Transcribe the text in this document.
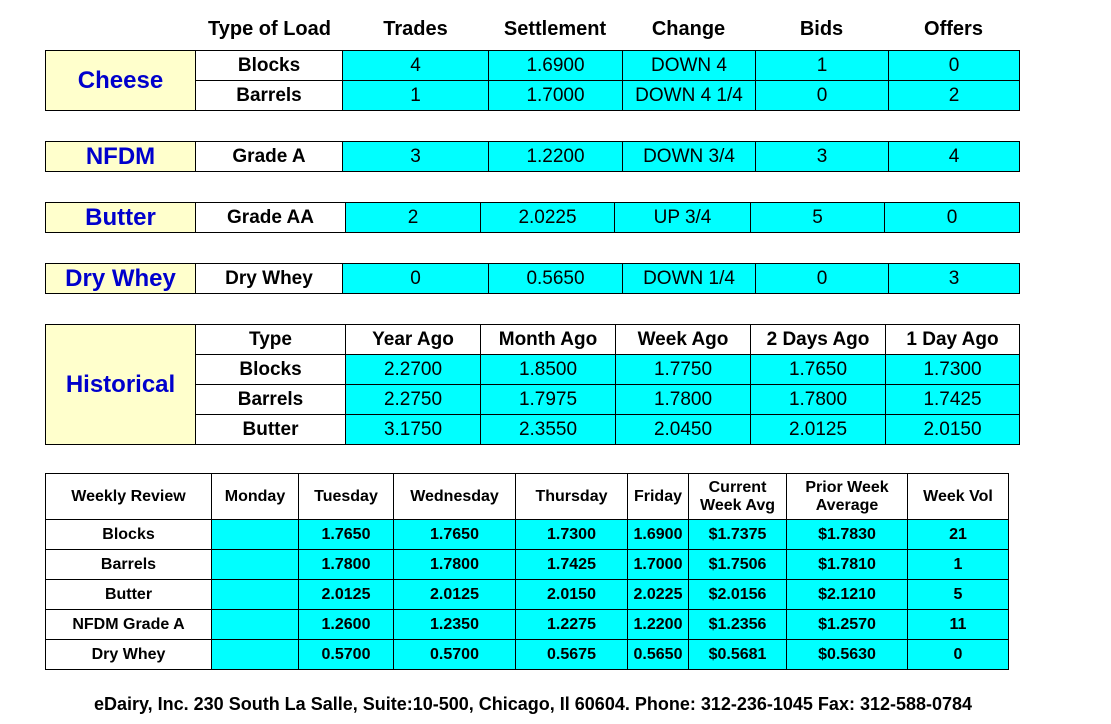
Type of Load	Trades	Settlement	Change	Bids	Offers
Cheese
Blocks	4	1.6900	DOWN 4	1	0
Barrels	1	1.7000	DOWN 4 1/4	0	2
NFDM	Grade A	3	1.2200	DOWN 3/4	3	4
Butter	Grade AA	2	2.0225	UP 3/4	5	0
Dry Whey	Dry Whey	0	0.5650	DOWN 1/4	0	3
Historical
Type	Year Ago	Month Ago	Week Ago	2 Days Ago	1 Day Ago
Blocks	2.2700	1.8500	1.7750	1.7650	1.7300
Barrels	2.2750	1.7975	1.7800	1.7800	1.7425
Butter	3.1750	2.3550	2.0450	2.0125	2.0150
Weekly Review	Monday	Tuesday	Wednesday	Thursday	Friday	Current Week Avg	Prior Week Average	Week Vol
Blocks		1.7650	1.7650	1.7300	1.6900	$1.7375	$1.7830	21
Barrels		1.7800	1.7800	1.7425	1.7000	$1.7506	$1.7810	1
Butter		2.0125	2.0125	2.0150	2.0225	$2.0156	$2.1210	5
NFDM Grade A		1.2600	1.2350	1.2275	1.2200	$1.2356	$1.2570	11
Dry Whey		0.5700	0.5700	0.5675	0.5650	$0.5681	$0.5630	0
eDairy, Inc. 230 South La Salle, Suite:10-500, Chicago, Il 60604. Phone: 312-236-1045 Fax: 312-588-0784
